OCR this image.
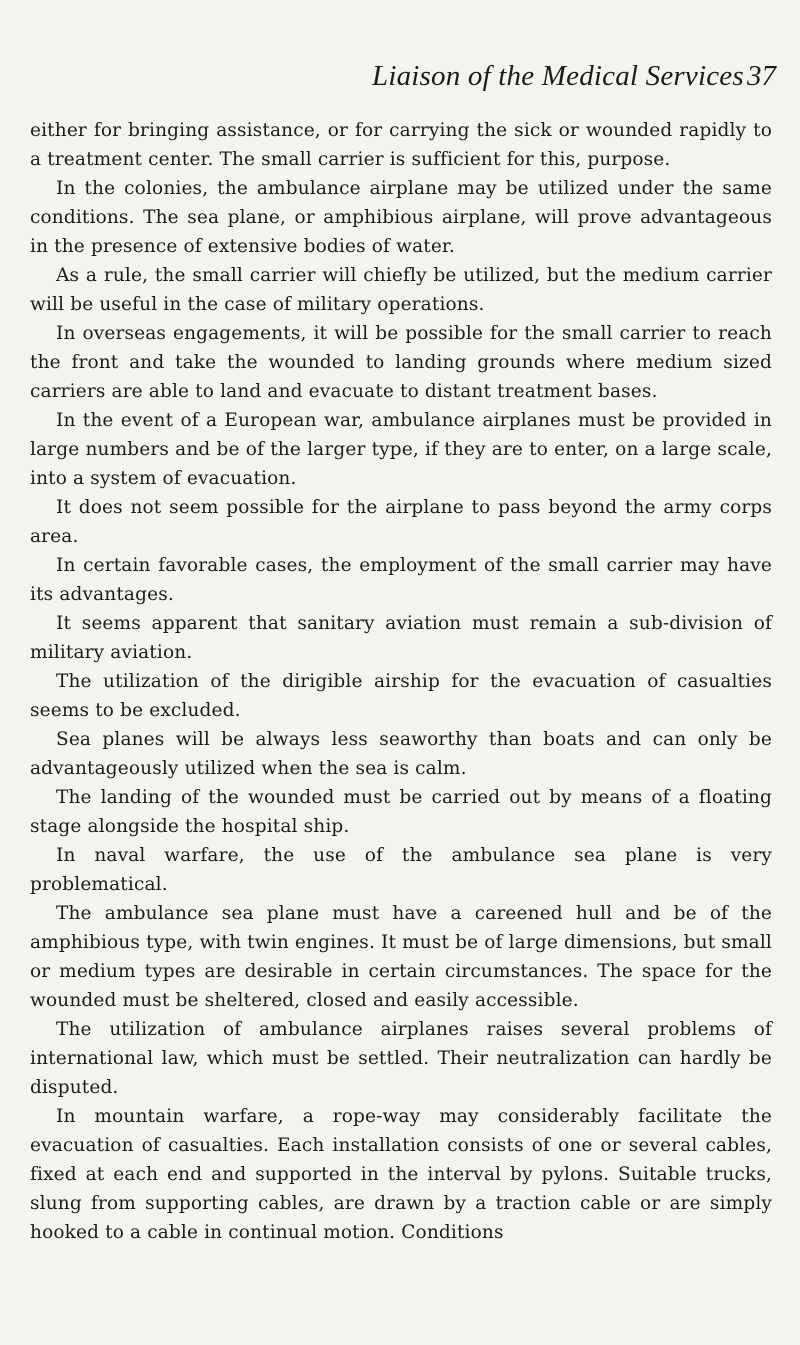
Liaison of the Medical Services 37

either for bringing assistance, or for carrying the sick or wounded rapidly to a treatment center. The small carrier is sufficient for this, purpose.

In the colonies, the ambulance airplane may be utilized under the same conditions. The sea plane, or amphibious airplane, will prove advantageous in the presence of extensive bodies of water.

As a rule, the small carrier will chiefly be utilized, but the medium carrier will be useful in the case of military operations.

In overseas engagements, it will be possible for the small carrier to reach the front and take the wounded to landing grounds where medium sized carriers are able to land and evacuate to distant treatment bases.

In the event of a European war, ambulance airplanes must be provided in large numbers and be of the larger type, if they are to enter, on a large scale, into a system of evacuation.

It does not seem possible for the airplane to pass beyond the army corps area.

In certain favorable cases, the employment of the small carrier may have its advantages.

It seems apparent that sanitary aviation must remain a sub-division of military aviation.

The utilization of the dirigible airship for the evacuation of casualties seems to be excluded.

Sea planes will be always less seaworthy than boats and can only be advantageously utilized when the sea is calm.

The landing of the wounded must be carried out by means of a floating stage alongside the hospital ship.

In naval warfare, the use of the ambulance sea plane is very problematical.

The ambulance sea plane must have a careened hull and be of the amphibious type, with twin engines. It must be of large dimensions, but small or medium types are desirable in certain circumstances. The space for the wounded must be sheltered, closed and easily accessible.

The utilization of ambulance airplanes raises several problems of international law, which must be settled. Their neutralization can hardly be disputed.

In mountain warfare, a rope-way may considerably facilitate the evacuation of casualties. Each installation consists of one or several cables, fixed at each end and supported in the interval by pylons. Suitable trucks, slung from supporting cables, are drawn by a traction cable or are simply hooked to a cable in continual motion. Conditions
